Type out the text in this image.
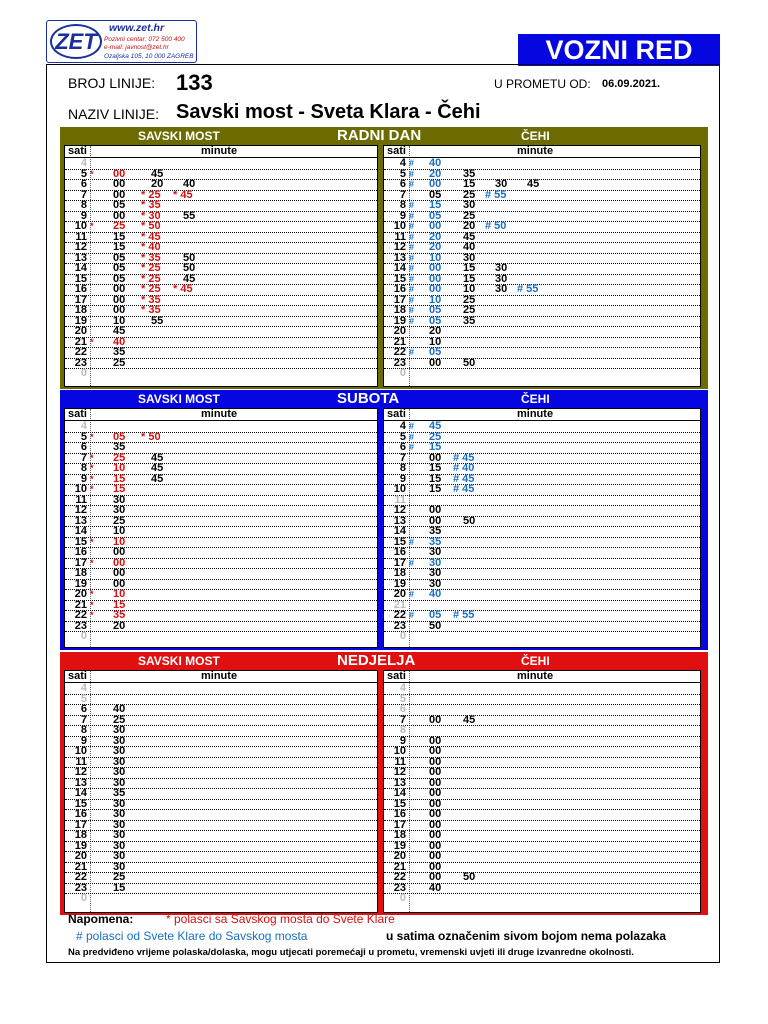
ZET
www.zet.hr
Pozivni centar: 072 500 400
e-mail: javnost@zet.hr
Ozaljska 105, 10 000 ZAGREB	VOZNI RED
BROJ LINIJE: 133	U PROMETU OD: 06.09.2021.
NAZIV LINIJE: Savski most - Sveta Klara - Čehi
SAVSKI MOST	RADNI DAN	ČEHI
sati	minute
4
5 * 00 45
6 00 20 40
7 00 * 25 * 45
8 05 * 35
9 00 * 30 55
10 * 25 * 50
11 15 * 45
12 15 * 40
13 05 * 35 50
14 05 * 25 50
15 05 * 25 45
16 00 * 25 * 45
17 00 * 35
18 00 * 35
19 10 55
20 45
21 * 40
22 35
23 25
0
sati	minute
4 # 40
5 # 20 35
6 # 00 15 30 45
7 05 25 # 55
8 # 15 30
9 # 05 25
10 # 00 20 # 50
11 # 20 45
12 # 20 40
13 # 10 30
14 # 00 15 30
15 # 00 15 30
16 # 00 10 30 # 55
17 # 10 25
18 # 05 25
19 # 05 35
20 20
21 10
22 # 05
23 00 50
0
SAVSKI MOST	SUBOTA	ČEHI
sati	minute
4
5 * 05 * 50
6 35
7 * 25 45
8 * 10 45
9 * 15 45
10 * 15
11 30
12 30
13 25
14 10
15 * 10
16 00
17 * 00
18 00
19 00
20 * 10
21 * 15
22 * 35
23 20
0
sati	minute
4 # 45
5 # 25
6 # 15
7 00 # 45
8 15 # 40
9 15 # 45
10 15 # 45
11
12 00
13 00 50
14 35
15 # 35
16 30
17 # 30
18 30
19 30
20 # 40
21
22 # 05 # 55
23 50
0
SAVSKI MOST	NEDJELJA	ČEHI
sati	minute
4
5
6 40
7 25
8 30
9 30
10 30
11 30
12 30
13 30
14 35
15 30
16 30
17 30
18 30
19 30
20 30
21 30
22 25
23 15
0
sati	minute
4
5
6
7 00 45
8
9 00
10 00
11 00
12 00
13 00
14 00
15 00
16 00
17 00
18 00
19 00
20 00
21 00
22 00 50
23 40
0
Napomena:	* polasci sa Savskog mosta do Svete Klare
# polasci od Svete Klare do Savskog mosta	u satima označenim sivom bojom nema polazaka
Na predviđeno vrijeme polaska/dolaska, mogu utjecati poremećaji u prometu, vremenski uvjeti ili druge izvanredne okolnosti.
